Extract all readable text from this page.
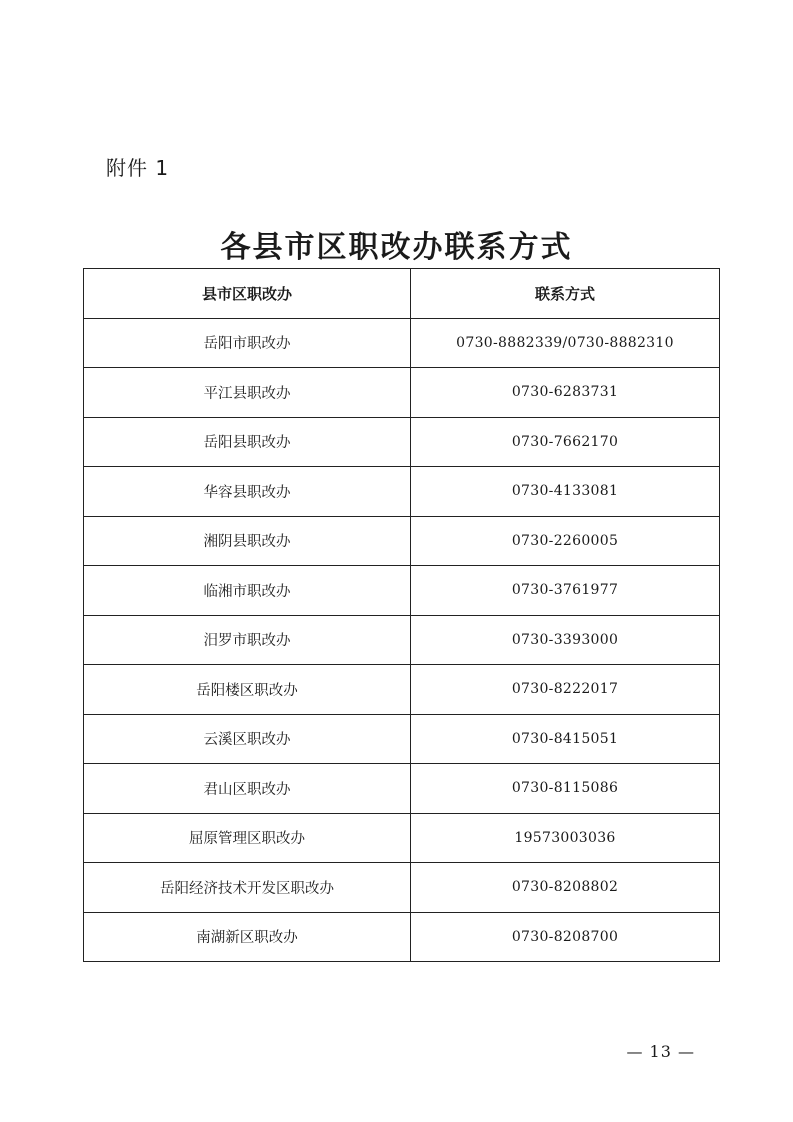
附件 1
各县市区职改办联系方式
县市区职改办	联系方式
岳阳市职改办	0730-8882339/0730-8882310
平江县职改办	0730-6283731
岳阳县职改办	0730-7662170
华容县职改办	0730-4133081
湘阴县职改办	0730-2260005
临湘市职改办	0730-3761977
汨罗市职改办	0730-3393000
岳阳楼区职改办	0730-8222017
云溪区职改办	0730-8415051
君山区职改办	0730-8115086
屈原管理区职改办	19573003036
岳阳经济技术开发区职改办	0730-8208802
南湖新区职改办	0730-8208700
— 13 —
